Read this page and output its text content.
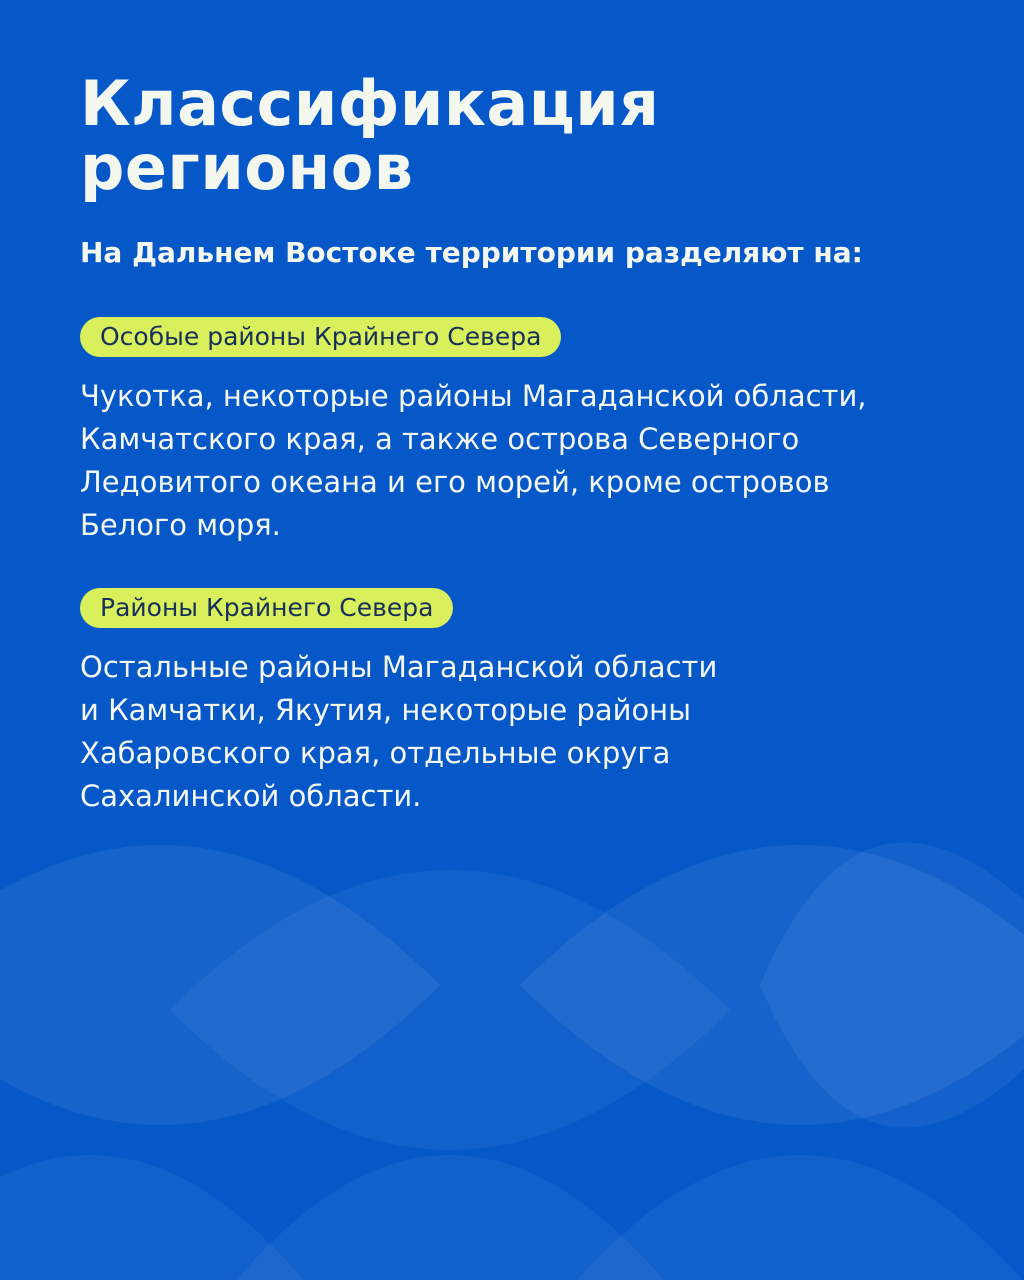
Классификация
регионов

На Дальнем Востоке территории разделяют на:

Особые районы Крайнего Севера

Чукотка, некоторые районы Магаданской области,
Камчатского края, а также острова Северного
Ледовитого океана и его морей, кроме островов
Белого моря.

Районы Крайнего Севера

Остальные районы Магаданской области
и Камчатки, Якутия, некоторые районы
Хабаровского края, отдельные округа
Сахалинской области.
